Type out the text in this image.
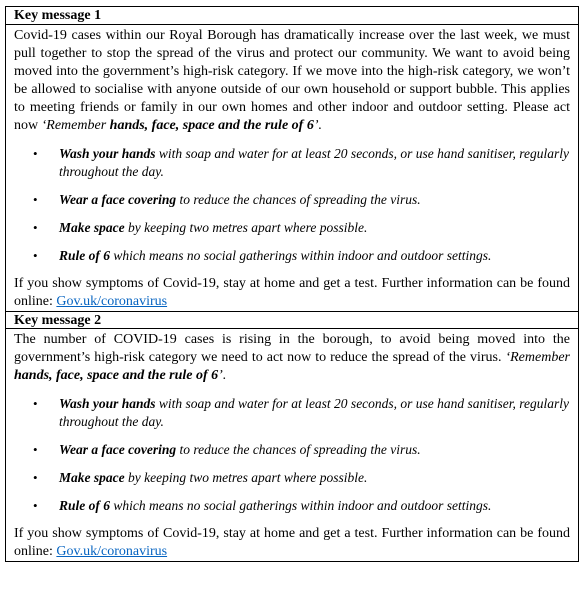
Key message 1

Covid-19 cases within our Royal Borough has dramatically increase over the last week, we must pull together to stop the spread of the virus and protect our community. We want to avoid being moved into the government’s high-risk category. If we move into the high-risk category, we won’t be allowed to socialise with anyone outside of our own household or support bubble. This applies to meeting friends or family in our own homes and other indoor and outdoor setting. Please act now ‘Remember hands, face, space and the rule of 6’.

• Wash your hands with soap and water for at least 20 seconds, or use hand sanitiser, regularly throughout the day.
• Wear a face covering to reduce the chances of spreading the virus.
• Make space by keeping two metres apart where possible.
• Rule of 6 which means no social gatherings within indoor and outdoor settings.

If you show symptoms of Covid-19, stay at home and get a test. Further information can be found online: Gov.uk/coronavirus

Key message 2

The number of COVID-19 cases is rising in the borough, to avoid being moved into the government’s high-risk category we need to act now to reduce the spread of the virus. ‘Remember hands, face, space and the rule of 6’.

• Wash your hands with soap and water for at least 20 seconds, or use hand sanitiser, regularly throughout the day.
• Wear a face covering to reduce the chances of spreading the virus.
• Make space by keeping two metres apart where possible.
• Rule of 6 which means no social gatherings within indoor and outdoor settings.

If you show symptoms of Covid-19, stay at home and get a test. Further information can be found online: Gov.uk/coronavirus
